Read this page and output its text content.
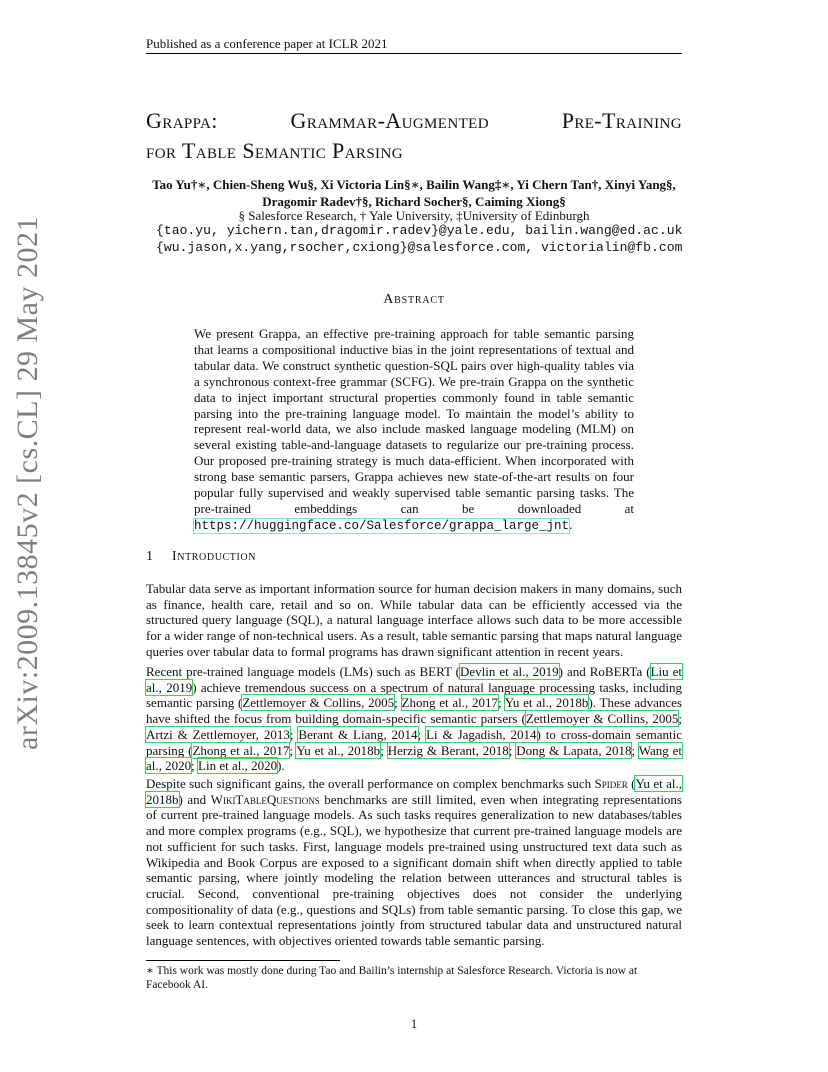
Published as a conference paper at ICLR 2021
Grappa:	Grammar-Augmented	Pre-Training
for Table Semantic Parsing
Tao Yu†∗, Chien-Sheng Wu§, Xi Victoria Lin§∗, Bailin Wang‡∗, Yi Chern Tan†, Xinyi Yang§,
Dragomir Radev†§, Richard Socher§, Caiming Xiong§
§ Salesforce Research, † Yale University, ‡University of Edinburgh
{tao.yu, yichern.tan,dragomir.radev}@yale.edu, bailin.wang@ed.ac.uk
{wu.jason,x.yang,rsocher,cxiong}@salesforce.com, victorialin@fb.com
arXiv:2009.13845v2 [cs.CL] 29 May 2021	Abstract
We present Grappa, an effective pre-training approach for table semantic parsing that learns a compositional inductive bias in the joint representations of textual and tabular data. We construct synthetic question-SQL pairs over high-quality tables via a synchronous context-free grammar (SCFG). We pre-train Grappa on the synthetic data to inject important structural properties commonly found in table semantic parsing into the pre-training language model. To maintain the model’s ability to represent real-world data, we also include masked language modeling (MLM) on several existing table-and-language datasets to regularize our pre-training process. Our proposed pre-training strategy is much data-efficient. When incorporated with strong base semantic parsers, Grappa achieves new state-of-the-art results on four popular fully supervised and weakly supervised table semantic parsing tasks. The pre-trained embeddings can be downloaded at https://huggingface.co/Salesforce/grappa_large_jnt.
1 Introduction
Tabular data serve as important information source for human decision makers in many domains, such as finance, health care, retail and so on. While tabular data can be efficiently accessed via the structured query language (SQL), a natural language interface allows such data to be more accessible for a wider range of non-technical users. As a result, table semantic parsing that maps natural language queries over tabular data to formal programs has drawn significant attention in recent years.
Recent pre-trained language models (LMs) such as BERT (Devlin et al., 2019) and RoBERTa (Liu et al., 2019) achieve tremendous success on a spectrum of natural language processing tasks, including semantic parsing (Zettlemoyer & Collins, 2005; Zhong et al., 2017; Yu et al., 2018b). These advances have shifted the focus from building domain-specific semantic parsers (Zettlemoyer & Collins, 2005; Artzi & Zettlemoyer, 2013; Berant & Liang, 2014; Li & Jagadish, 2014) to cross-domain semantic parsing (Zhong et al., 2017; Yu et al., 2018b; Herzig & Berant, 2018; Dong & Lapata, 2018; Wang et al., 2020; Lin et al., 2020).
Despite such significant gains, the overall performance on complex benchmarks such Spider (Yu et al., 2018b) and WikiTableQuestions benchmarks are still limited, even when integrating representations of current pre-trained language models. As such tasks requires generalization to new databases/tables and more complex programs (e.g., SQL), we hypothesize that current pre-trained language models are not sufficient for such tasks. First, language models pre-trained using unstructured text data such as Wikipedia and Book Corpus are exposed to a significant domain shift when directly applied to table semantic parsing, where jointly modeling the relation between utterances and structural tables is crucial. Second, conventional pre-training objectives does not consider the underlying compositionality of data (e.g., questions and SQLs) from table semantic parsing. To close this gap, we seek to learn contextual representations jointly from structured tabular data and unstructured natural language sentences, with objectives oriented towards table semantic parsing.
∗ This work was mostly done during Tao and Bailin’s internship at Salesforce Research. Victoria is now at Facebook AI.
1
